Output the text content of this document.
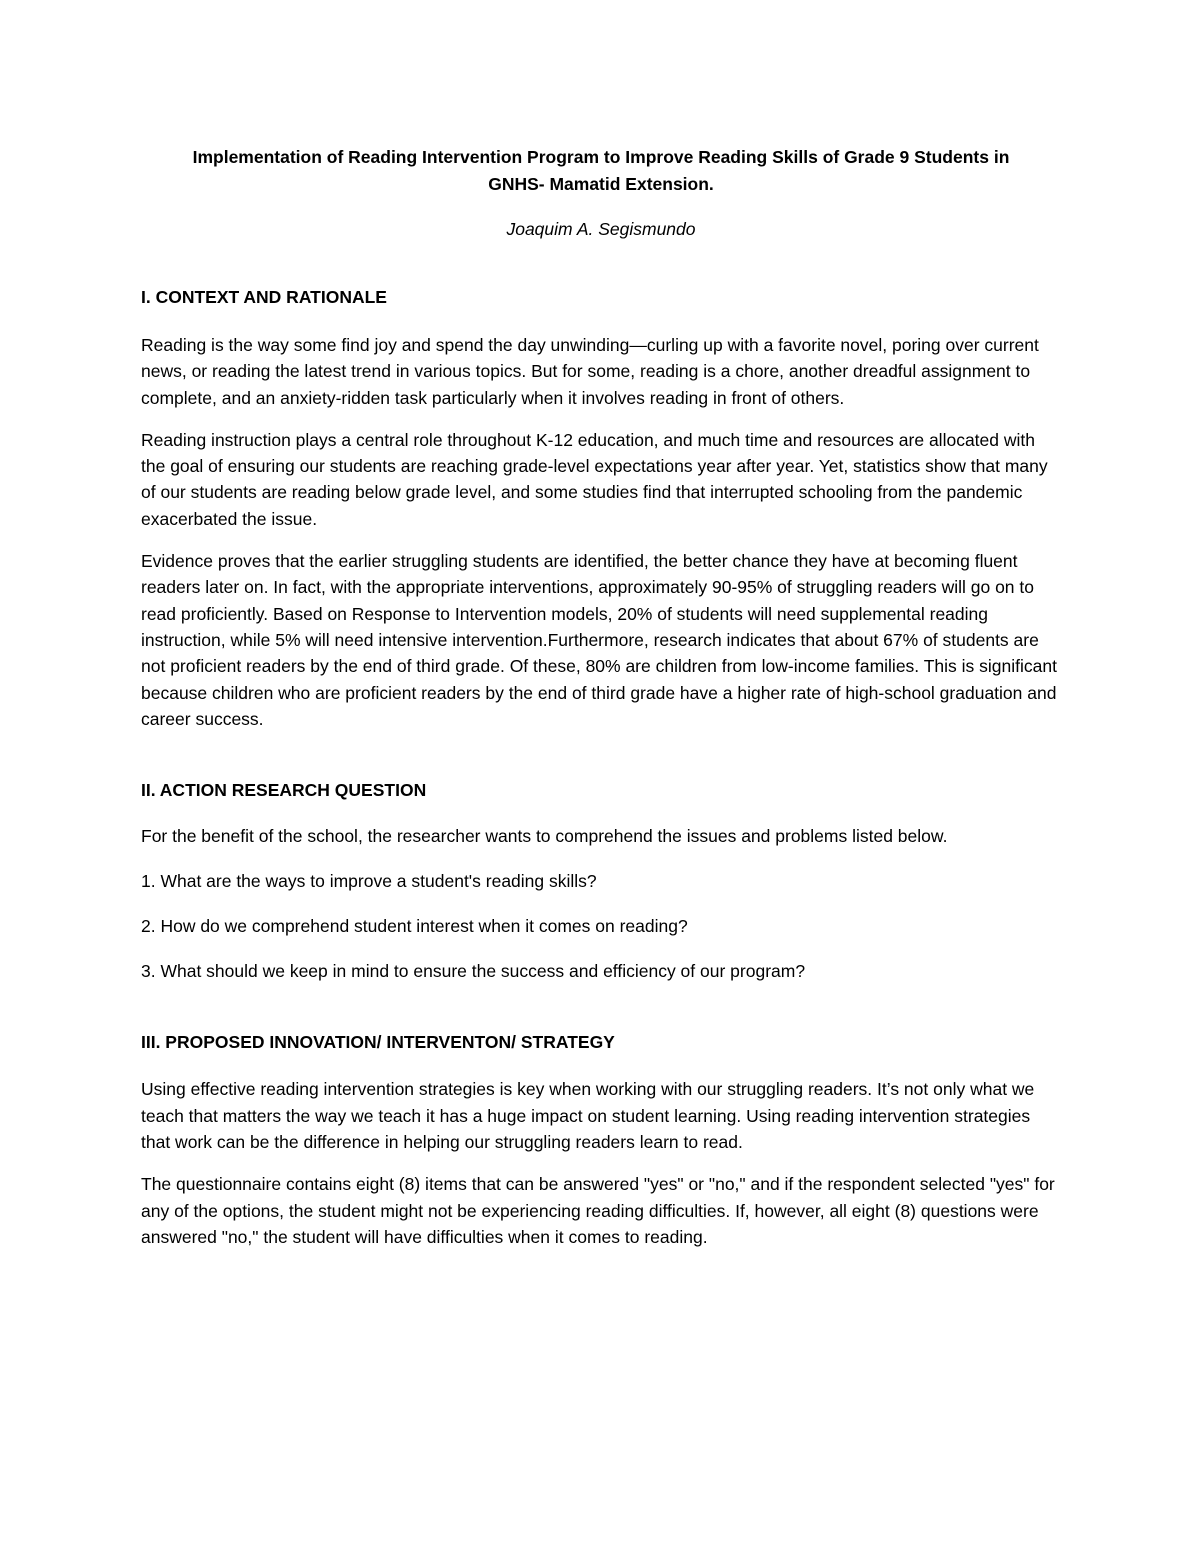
Implementation of Reading Intervention Program to Improve Reading Skills of Grade 9 Students in
GNHS- Mamatid Extension.

Joaquim A. Segismundo

I. CONTEXT AND RATIONALE

Reading is the way some find joy and spend the day unwinding—curling up with a favorite novel, poring over current news, or reading the latest trend in various topics. But for some, reading is a chore, another dreadful assignment to complete, and an anxiety-ridden task particularly when it involves reading in front of others.

Reading instruction plays a central role throughout K-12 education, and much time and resources are allocated with the goal of ensuring our students are reaching grade-level expectations year after year. Yet, statistics show that many of our students are reading below grade level, and some studies find that interrupted schooling from the pandemic exacerbated the issue.

Evidence proves that the earlier struggling students are identified, the better chance they have at becoming fluent readers later on. In fact, with the appropriate interventions, approximately 90-95% of struggling readers will go on to read proficiently. Based on Response to Intervention models, 20% of students will need supplemental reading instruction, while 5% will need intensive intervention.Furthermore, research indicates that about 67% of students are not proficient readers by the end of third grade. Of these, 80% are children from low-income families. This is significant because children who are proficient readers by the end of third grade have a higher rate of high-school graduation and career success.

II. ACTION RESEARCH QUESTION

For the benefit of the school, the researcher wants to comprehend the issues and problems listed below.

1. What are the ways to improve a student's reading skills?

2. How do we comprehend student interest when it comes on reading?

3. What should we keep in mind to ensure the success and efficiency of our program?

III. PROPOSED INNOVATION/ INTERVENTON/ STRATEGY

Using effective reading intervention strategies is key when working with our struggling readers. It’s not only what we teach that matters the way we teach it has a huge impact on student learning. Using reading intervention strategies that work can be the difference in helping our struggling readers learn to read.

The questionnaire contains eight (8) items that can be answered "yes" or "no," and if the respondent selected "yes" for any of the options, the student might not be experiencing reading difficulties. If, however, all eight (8) questions were answered "no," the student will have difficulties when it comes to reading.
